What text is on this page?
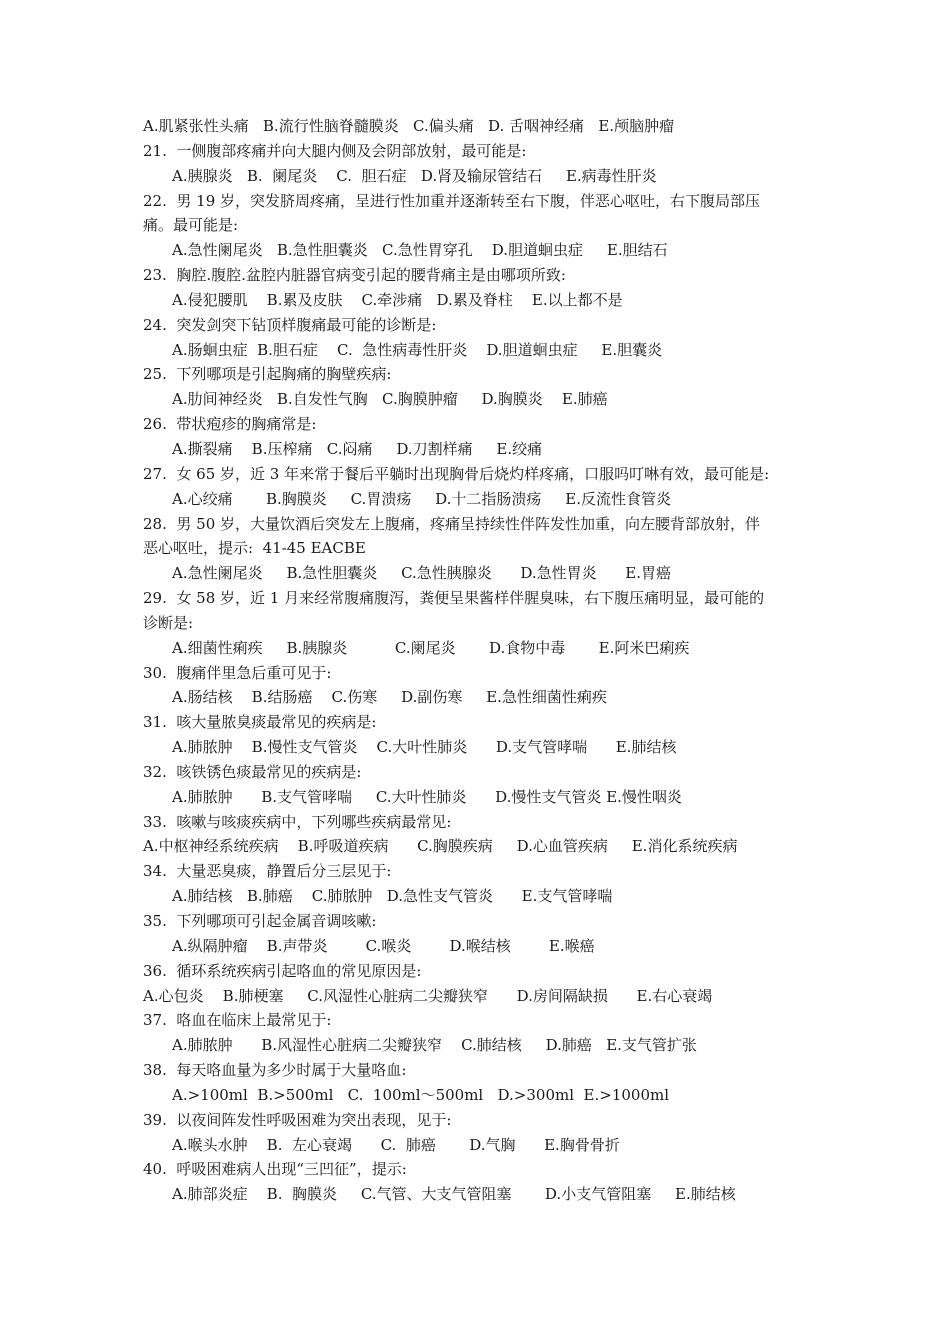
A.肌紧张性头痛   B.流行性脑脊髓膜炎   C.偏头痛   D. 舌咽神经痛   E.颅脑肿瘤
21.  一侧腹部疼痛并向大腿内侧及会阴部放射，最可能是:
A.胰腺炎   B.  阑尾炎    C.  胆石症   D.肾及输尿管结石     E.病毒性肝炎
22.  男 19 岁，突发脐周疼痛，呈进行性加重并逐渐转至右下腹，伴恶心呕吐，右下腹局部压
痛。最可能是:
A.急性阑尾炎   B.急性胆囊炎   C.急性胃穿孔    D.胆道蛔虫症     E.胆结石
23.  胸腔.腹腔.盆腔内脏器官病变引起的腰背痛主是由哪项所致:
A.侵犯腰肌    B.累及皮肤    C.牵涉痛   D.累及脊柱    E.以上都不是
24.  突发剑突下钻顶样腹痛最可能的诊断是:
A.肠蛔虫症  B.胆石症    C.  急性病毒性肝炎    D.胆道蛔虫症     E.胆囊炎
25.  下列哪项是引起胸痛的胸壁疾病:
A.肋间神经炎   B.自发性气胸   C.胸膜肿瘤     D.胸膜炎    E.肺癌
26.  带状疱疹的胸痛常是:
A.撕裂痛    B.压榨痛   C.闷痛     D.刀割样痛     E.绞痛
27.  女 65 岁，近 3 年来常于餐后平躺时出现胸骨后烧灼样疼痛，口服吗叮啉有效，最可能是:
A.心绞痛       B.胸膜炎     C.胃溃疡     D.十二指肠溃疡     E.反流性食管炎
28.  男 50 岁，大量饮酒后突发左上腹痛，疼痛呈持续性伴阵发性加重，向左腰背部放射，伴
恶心呕吐，提示:  41-45 EACBE
A.急性阑尾炎     B.急性胆囊炎     C.急性胰腺炎      D.急性胃炎      E.胃癌
29.  女 58 岁，近 1 月来经常腹痛腹泻，粪便呈果酱样伴腥臭味，右下腹压痛明显，最可能的
诊断是:
A.细菌性痢疾     B.胰腺炎          C.阑尾炎       D.食物中毒       E.阿米巴痢疾
30.  腹痛伴里急后重可见于:
A.肠结核    B.结肠癌    C.伤寒     D.副伤寒     E.急性细菌性痢疾
31.  咳大量脓臭痰最常见的疾病是:
A.肺脓肿    B.慢性支气管炎    C.大叶性肺炎      D.支气管哮喘      E.肺结核
32.  咳铁锈色痰最常见的疾病是:
A.肺脓肿      B.支气管哮喘     C.大叶性肺炎      D.慢性支气管炎 E.慢性咽炎
33.  咳嗽与咳痰疾病中，下列哪些疾病最常见:
A.中枢神经系统疾病    B.呼吸道疾病      C.胸膜疾病     D.心血管疾病     E.消化系统疾病
34.  大量恶臭痰，静置后分三层见于:
A.肺结核   B.肺癌    C.肺脓肿   D.急性支气管炎      E.支气管哮喘
35.  下列哪项可引起金属音调咳嗽:
A.纵隔肿瘤    B.声带炎        C.喉炎        D.喉结核        E.喉癌
36.  循环系统疾病引起咯血的常见原因是:
A.心包炎    B.肺梗塞     C.风湿性心脏病二尖瓣狭窄      D.房间隔缺损      E.右心衰竭
37.  咯血在临床上最常见于:
A.肺脓肿      B.风湿性心脏病二尖瓣狭窄    C.肺结核     D.肺癌   E.支气管扩张
38.  每天咯血量为多少时属于大量咯血:
A.>100ml  B.>500ml   C.  100ml～500ml   D.>300ml  E.>1000ml
39.  以夜间阵发性呼吸困难为突出表现，见于:
A.喉头水肿    B.  左心衰竭      C.  肺癌       D.气胸      E.胸骨骨折
40.  呼吸困难病人出现“三凹征”，提示:
A.肺部炎症    B.  胸膜炎     C.气管、大支气管阻塞       D.小支气管阻塞     E.肺结核
